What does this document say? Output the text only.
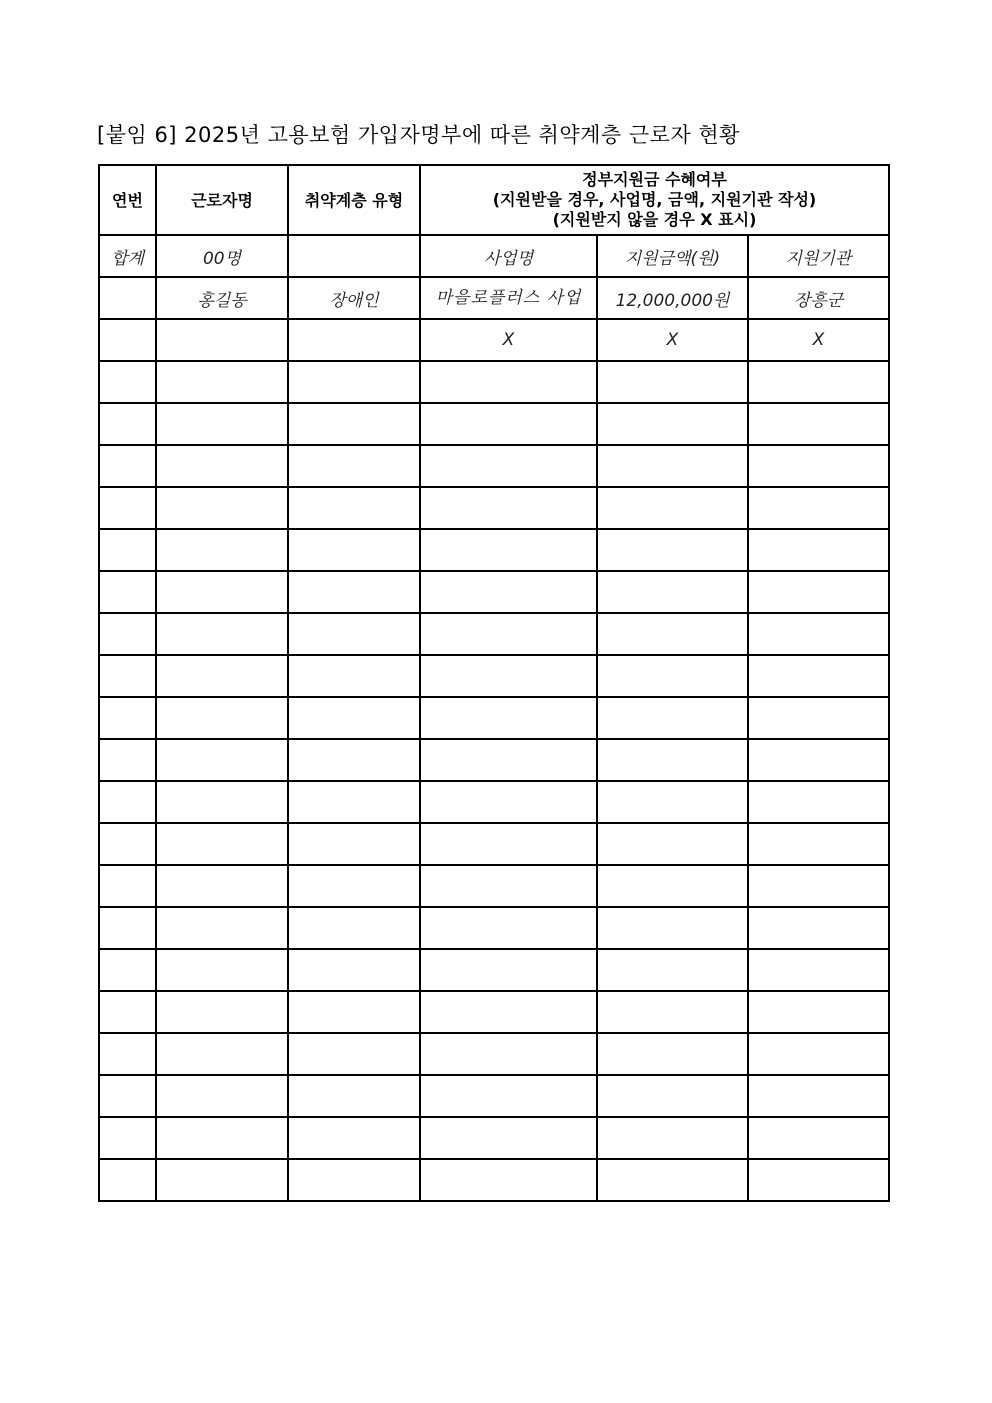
[붙임 6] 2025년 고용보험 가입자명부에 따른 취약계층 근로자 현황
연번	근로자명	취약계층 유형	정부지원금 수혜여부
(지원받을 경우, 사업명, 금액, 지원기관 작성)
(지원받지 않을 경우 X 표시)		

합계	00명		사업명	지원금액(원)	지원기관
	홍길동	장애인	마을로플러스 사업	12,000,000원	장흥군
			X	X	X
